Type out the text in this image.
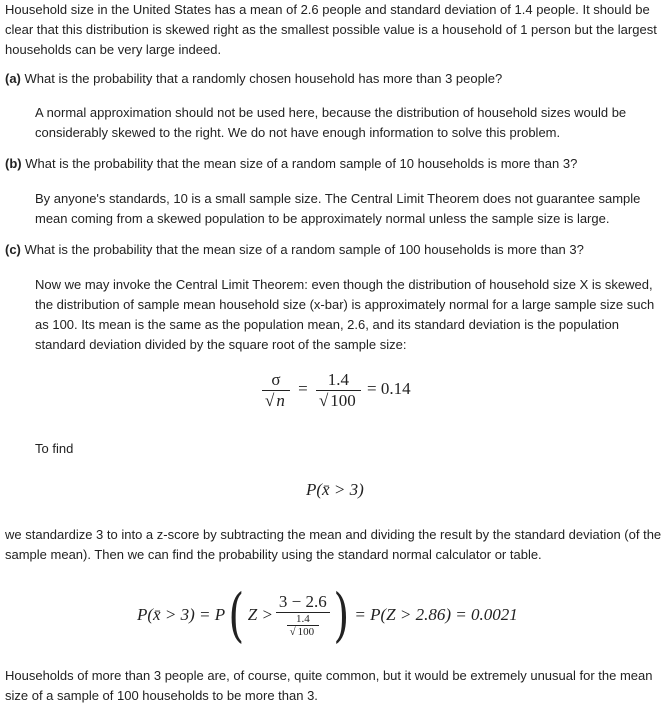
Household size in the United States has a mean of 2.6 people and standard deviation of 1.4 people. It should be clear that this distribution is skewed right as the smallest possible value is a household of 1 person but the largest households can be very large indeed.

(a) What is the probability that a randomly chosen household has more than 3 people?

A normal approximation should not be used here, because the distribution of household sizes would be considerably skewed to the right. We do not have enough information to solve this problem.

(b) What is the probability that the mean size of a random sample of 10 households is more than 3?

By anyone's standards, 10 is a small sample size. The Central Limit Theorem does not guarantee sample mean coming from a skewed population to be approximately normal unless the sample size is large.

(c) What is the probability that the mean size of a random sample of 100 households is more than 3?

Now we may invoke the Central Limit Theorem: even though the distribution of household size X is skewed, the distribution of sample mean household size (x-bar) is approximately normal for a large sample size such as 100. Its mean is the same as the population mean, 2.6, and its standard deviation is the population standard deviation divided by the square root of the sample size:

$\frac{\sigma}{√ n} = \frac{1.4}{√ 100} = 0.14$

To find

P(x̄ > 3)

we standardize 3 to into a z-score by subtracting the mean and dividing the result by the standard deviation (of the sample mean). Then we can find the probability using the standard normal calculator or table.

P(x̄ > 3) = P ( $Z > \frac{3 - 2.6}{\frac{1.4}{√ 100}}$ ) = P(Z > 2.86) = 0.0021

Households of more than 3 people are, of course, quite common, but it would be extremely unusual for the mean size of a sample of 100 households to be more than 3.
